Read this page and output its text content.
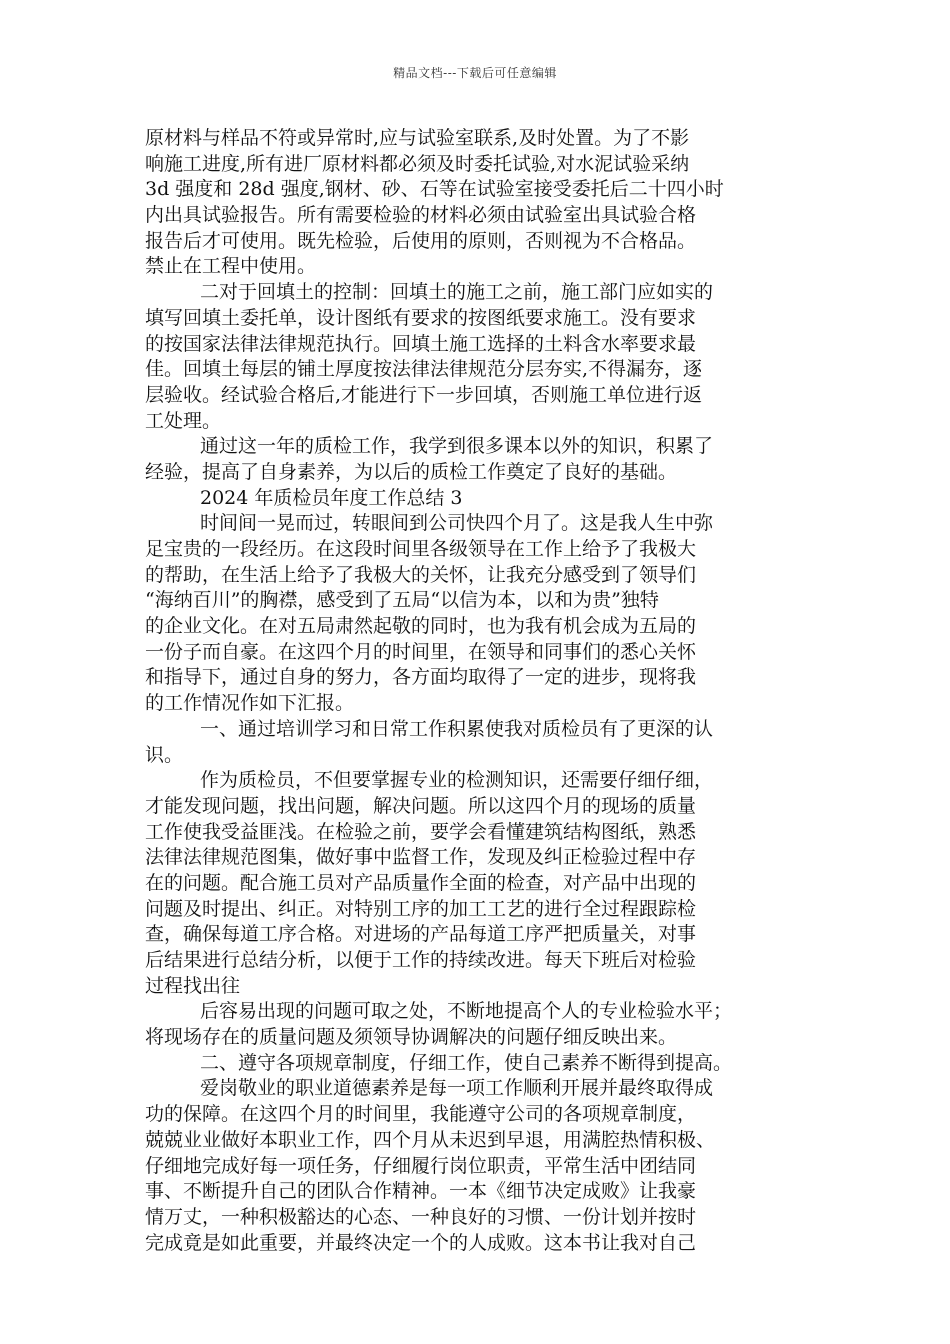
精品文档---下载后可任意编辑
原材料与样品不符或异常时,应与试验室联系,及时处置。为了不影
响施工进度,所有进厂原材料都必须及时委托试验,对水泥试验采纳
3d 强度和 28d 强度,钢材、砂、石等在试验室接受委托后二十四小时
内出具试验报告。所有需要检验的材料必须由试验室出具试验合格
报告后才可使用。既先检验，后使用的原则，否则视为不合格品。
禁止在工程中使用。
二对于回填土的控制：回填土的施工之前，施工部门应如实的
填写回填土委托单，设计图纸有要求的按图纸要求施工。没有要求
的按国家法律法律规范执行。回填土施工选择的土料含水率要求最
佳。回填土每层的铺土厚度按法律法律规范分层夯实,不得漏夯，逐
层验收。经试验合格后,才能进行下一步回填，否则施工单位进行返
工处理。
通过这一年的质检工作，我学到很多课本以外的知识，积累了
经验，提高了自身素养，为以后的质检工作奠定了良好的基础。
2024 年质检员年度工作总结 3
时间间一晃而过，转眼间到公司快四个月了。这是我人生中弥
足宝贵的一段经历。在这段时间里各级领导在工作上给予了我极大
的帮助，在生活上给予了我极大的关怀，让我充分感受到了领导们
“海纳百川”的胸襟，感受到了五局“以信为本，以和为贵”独特
的企业文化。在对五局肃然起敬的同时，也为我有机会成为五局的
一份子而自豪。在这四个月的时间里，在领导和同事们的悉心关怀
和指导下，通过自身的努力，各方面均取得了一定的进步，现将我
的工作情况作如下汇报。
一、通过培训学习和日常工作积累使我对质检员有了更深的认
识。
作为质检员，不但要掌握专业的检测知识，还需要仔细仔细，
才能发现问题，找出问题，解决问题。所以这四个月的现场的质量
工作使我受益匪浅。在检验之前，要学会看懂建筑结构图纸，熟悉
法律法律规范图集，做好事中监督工作，发现及纠正检验过程中存
在的问题。配合施工员对产品质量作全面的检查，对产品中出现的
问题及时提出、纠正。对特别工序的加工工艺的进行全过程跟踪检
查，确保每道工序合格。对进场的产品每道工序严把质量关，对事
后结果进行总结分析，以便于工作的持续改进。每天下班后对检验
过程找出往
后容易出现的问题可取之处，不断地提高个人的专业检验水平；
将现场存在的质量问题及须领导协调解决的问题仔细反映出来。
二、遵守各项规章制度，仔细工作，使自己素养不断得到提高。
爱岗敬业的职业道德素养是每一项工作顺利开展并最终取得成
功的保障。在这四个月的时间里，我能遵守公司的各项规章制度，
兢兢业业做好本职业工作，四个月从未迟到早退，用满腔热情积极、
仔细地完成好每一项任务，仔细履行岗位职责，平常生活中团结同
事、不断提升自己的团队合作精神。一本《细节决定成败》让我豪
情万丈，一种积极豁达的心态、一种良好的习惯、一份计划并按时
完成竟是如此重要，并最终决定一个的人成败。这本书让我对自己
